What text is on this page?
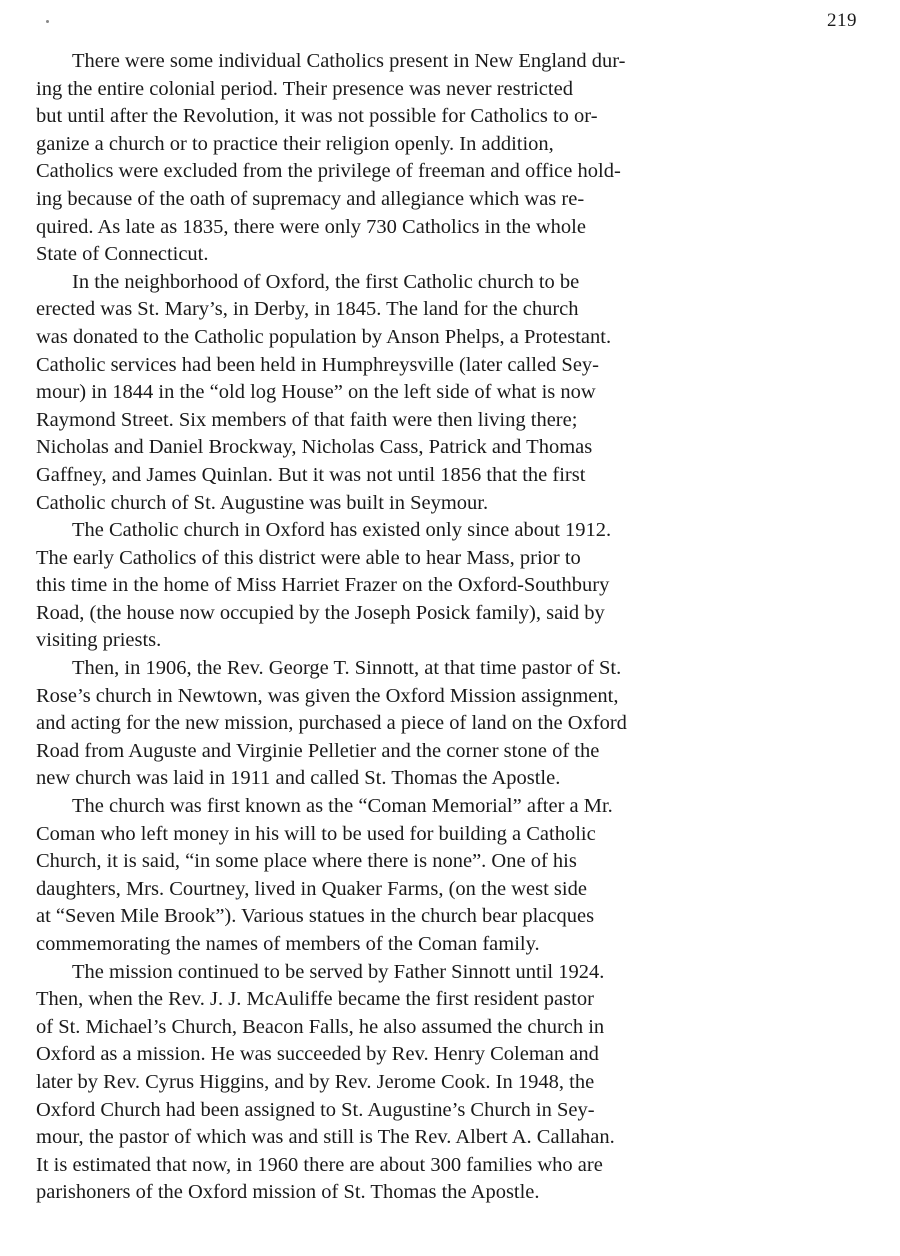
219

There were some individual Catholics present in New England dur-
ing the entire colonial period. Their presence was never restricted
but until after the Revolution, it was not possible for Catholics to or-
ganize a church or to practice their religion openly. In addition,
Catholics were excluded from the privilege of freeman and office hold-
ing because of the oath of supremacy and allegiance which was re-
quired. As late as 1835, there were only 730 Catholics in the whole
State of Connecticut.

In the neighborhood of Oxford, the first Catholic church to be
erected was St. Mary’s, in Derby, in 1845. The land for the church
was donated to the Catholic population by Anson Phelps, a Protestant.
Catholic services had been held in Humphreysville (later called Sey-
mour) in 1844 in the “old log House” on the left side of what is now
Raymond Street. Six members of that faith were then living there;
Nicholas and Daniel Brockway, Nicholas Cass, Patrick and Thomas
Gaffney, and James Quinlan. But it was not until 1856 that the first
Catholic church of St. Augustine was built in Seymour.

The Catholic church in Oxford has existed only since about 1912.
The early Catholics of this district were able to hear Mass, prior to
this time in the home of Miss Harriet Frazer on the Oxford-Southbury
Road, (the house now occupied by the Joseph Posick family), said by
visiting priests.

Then, in 1906, the Rev. George T. Sinnott, at that time pastor of St.
Rose’s church in Newtown, was given the Oxford Mission assignment,
and acting for the new mission, purchased a piece of land on the Oxford
Road from Auguste and Virginie Pelletier and the corner stone of the
new church was laid in 1911 and called St. Thomas the Apostle.

The church was first known as the “Coman Memorial” after a Mr.
Coman who left money in his will to be used for building a Catholic
Church, it is said, “in some place where there is none”. One of his
daughters, Mrs. Courtney, lived in Quaker Farms, (on the west side
at “Seven Mile Brook”). Various statues in the church bear placques
commemorating the names of members of the Coman family.

The mission continued to be served by Father Sinnott until 1924.
Then, when the Rev. J. J. McAuliffe became the first resident pastor
of St. Michael’s Church, Beacon Falls, he also assumed the church in
Oxford as a mission. He was succeeded by Rev. Henry Coleman and
later by Rev. Cyrus Higgins, and by Rev. Jerome Cook. In 1948, the
Oxford Church had been assigned to St. Augustine’s Church in Sey-
mour, the pastor of which was and still is The Rev. Albert A. Callahan.
It is estimated that now, in 1960 there are about 300 families who are
parishoners of the Oxford mission of St. Thomas the Apostle.
